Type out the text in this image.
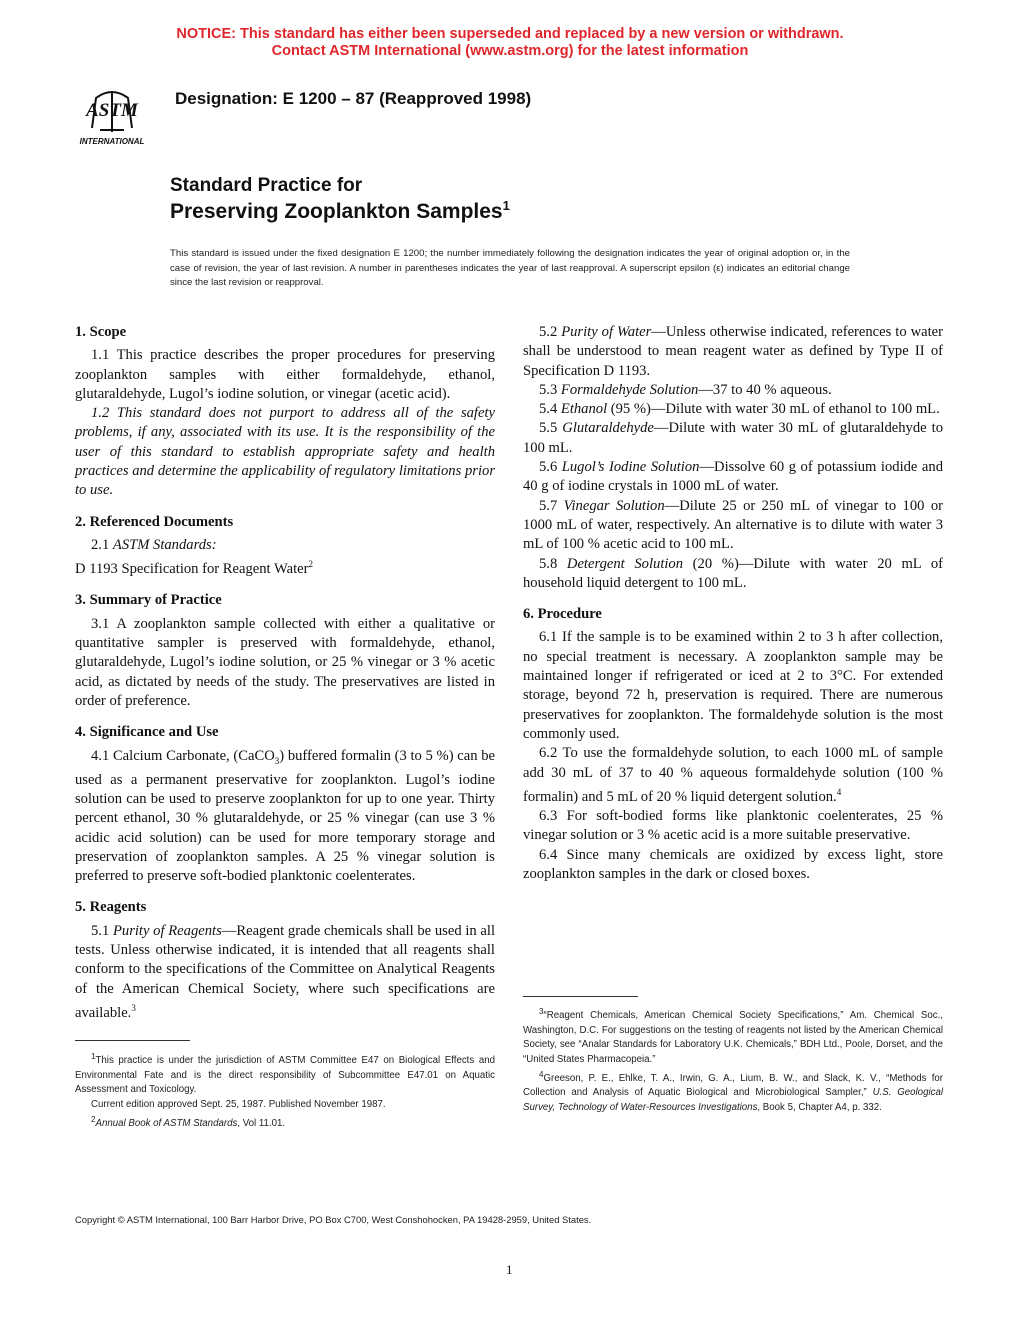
NOTICE: This standard has either been superseded and replaced by a new version or withdrawn.
Contact ASTM International (www.astm.org) for the latest information
ASTM
INTERNATIONAL
Designation: E 1200 – 87 (Reapproved 1998)
Standard Practice for
Preserving Zooplankton Samples$^1$
This standard is issued under the fixed designation E 1200; the number immediately following the designation indicates the year of original adoption or, in the case of revision, the year of last revision. A number in parentheses indicates the year of last reapproval. A superscript epsilon (ε) indicates an editorial change since the last revision or reapproval.
1. Scope

1.1 This practice describes the proper procedures for preserving zooplankton samples with either formaldehyde, ethanol, glutaraldehyde, Lugol’s iodine solution, or vinegar (acetic acid).

1.2 This standard does not purport to address all of the safety problems, if any, associated with its use. It is the responsibility of the user of this standard to establish appropriate safety and health practices and determine the applicability of regulatory limitations prior to use.

2. Referenced Documents

2.1 ASTM Standards:

D 1193 Specification for Reagent Water$^2$

3. Summary of Practice

3.1 A zooplankton sample collected with either a qualitative or quantitative sampler is preserved with formaldehyde, ethanol, glutaraldehyde, Lugol’s iodine solution, or 25 % vinegar or 3 % acetic acid, as dictated by needs of the study. The preservatives are listed in order of preference.

4. Significance and Use

4.1 Calcium Carbonate, (CaCO$_3$) buffered formalin (3 to 5 %) can be used as a permanent preservative for zooplankton. Lugol’s iodine solution can be used to preserve zooplankton for up to one year. Thirty percent ethanol, 30 % glutaraldehyde, or 25 % vinegar (can use 3 % acidic acid solution) can be used for more temporary storage and preservation of zooplankton samples. A 25 % vinegar solution is preferred to preserve soft-bodied planktonic coelenterates.

5. Reagents

5.1 Purity of Reagents—Reagent grade chemicals shall be used in all tests. Unless otherwise indicated, it is intended that all reagents shall conform to the specifications of the Committee on Analytical Reagents of the American Chemical Society, where such specifications are available.$^3$

5.2 Purity of Water—Unless otherwise indicated, references to water shall be understood to mean reagent water as defined by Type II of Specification D 1193.

5.3 Formaldehyde Solution—37 to 40 % aqueous.

5.4 Ethanol (95 %)—Dilute with water 30 mL of ethanol to 100 mL.

5.5 Glutaraldehyde—Dilute with water 30 mL of glutaraldehyde to 100 mL.

5.6 Lugol’s Iodine Solution—Dissolve 60 g of potassium iodide and 40 g of iodine crystals in 1000 mL of water.

5.7 Vinegar Solution—Dilute 25 or 250 mL of vinegar to 100 or 1000 mL of water, respectively. An alternative is to dilute with water 3 mL of 100 % acetic acid to 100 mL.

5.8 Detergent Solution (20 %)—Dilute with water 20 mL of household liquid detergent to 100 mL.

6. Procedure

6.1 If the sample is to be examined within 2 to 3 h after collection, no special treatment is necessary. A zooplankton sample may be maintained longer if refrigerated or iced at 2 to 3°C. For extended storage, beyond 72 h, preservation is required. There are numerous preservatives for zooplankton. The formaldehyde solution is the most commonly used.

6.2 To use the formaldehyde solution, to each 1000 mL of sample add 30 mL of 37 to 40 % aqueous formaldehyde solution (100 % formalin) and 5 mL of 20 % liquid detergent solution.$^4$

6.3 For soft-bodied forms like planktonic coelenterates, 25 % vinegar solution or 3 % acetic acid is a more suitable preservative.

6.4 Since many chemicals are oxidized by excess light, store zooplankton samples in the dark or closed boxes.

$^1$This practice is under the jurisdiction of ASTM Committee E47 on Biological Effects and Environmental Fate and is the direct responsibility of Subcommittee E47.01 on Aquatic Assessment and Toxicology.

Current edition approved Sept. 25, 1987. Published November 1987.

$^2$Annual Book of ASTM Standards, Vol 11.01.

$^3$“Reagent Chemicals, American Chemical Society Specifications,” Am. Chemical Soc., Washington, D.C. For suggestions on the testing of reagents not listed by the American Chemical Society, see “Analar Standards for Laboratory U.K. Chemicals,” BDH Ltd., Poole, Dorset, and the “United States Pharmacopeia.”

$^4$Greeson, P. E., Ehlke, T. A., Irwin, G. A., Lium, B. W., and Slack, K. V., “Methods for Collection and Analysis of Aquatic Biological and Microbiological Sampler,” U.S. Geological Survey, Technology of Water-Resources Investigations, Book 5, Chapter A4, p. 332.

Copyright © ASTM International, 100 Barr Harbor Drive, PO Box C700, West Conshohocken, PA 19428-2959, United States.
1
